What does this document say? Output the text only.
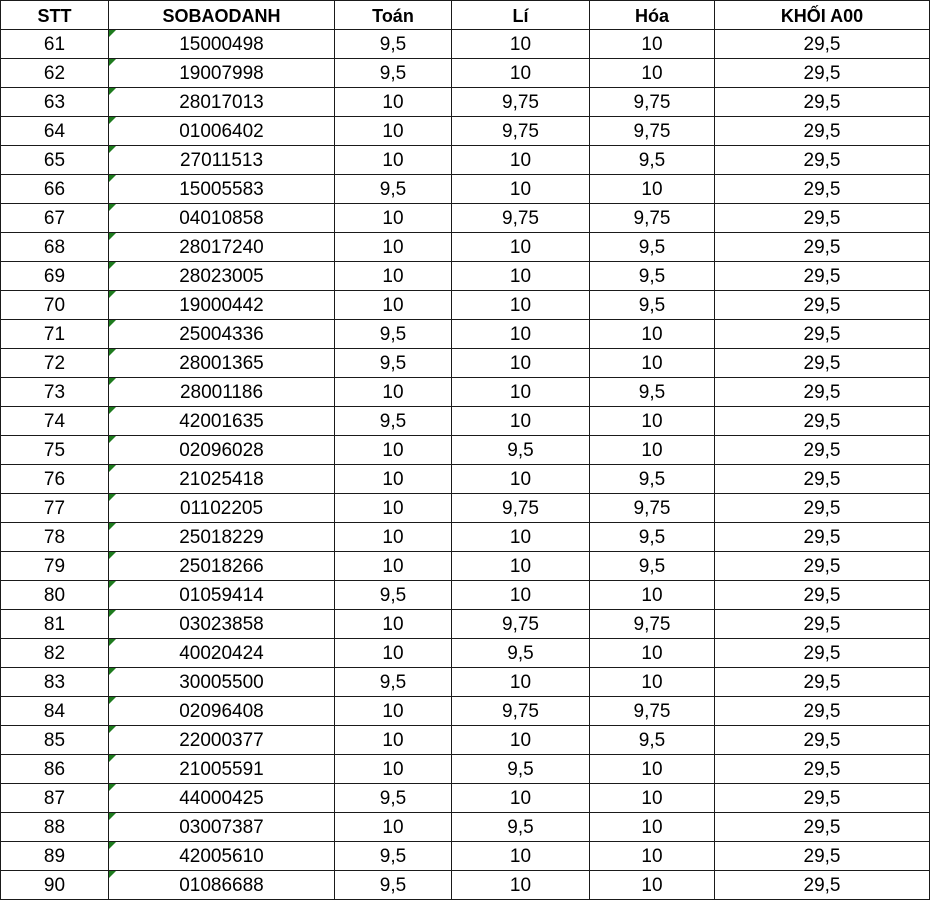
STT	SOBAODANH	Toán	Lí	Hóa	KHỐI A00
61	15000498	9,5	10	10	29,5
62	19007998	9,5	10	10	29,5
63	28017013	10	9,75	9,75	29,5
64	01006402	10	9,75	9,75	29,5
65	27011513	10	10	9,5	29,5
66	15005583	9,5	10	10	29,5
67	04010858	10	9,75	9,75	29,5
68	28017240	10	10	9,5	29,5
69	28023005	10	10	9,5	29,5
70	19000442	10	10	9,5	29,5
71	25004336	9,5	10	10	29,5
72	28001365	9,5	10	10	29,5
73	28001186	10	10	9,5	29,5
74	42001635	9,5	10	10	29,5
75	02096028	10	9,5	10	29,5
76	21025418	10	10	9,5	29,5
77	01102205	10	9,75	9,75	29,5
78	25018229	10	10	9,5	29,5
79	25018266	10	10	9,5	29,5
80	01059414	9,5	10	10	29,5
81	03023858	10	9,75	9,75	29,5
82	40020424	10	9,5	10	29,5
83	30005500	9,5	10	10	29,5
84	02096408	10	9,75	9,75	29,5
85	22000377	10	10	9,5	29,5
86	21005591	10	9,5	10	29,5
87	44000425	9,5	10	10	29,5
88	03007387	10	9,5	10	29,5
89	42005610	9,5	10	10	29,5
90	01086688	9,5	10	10	29,5
